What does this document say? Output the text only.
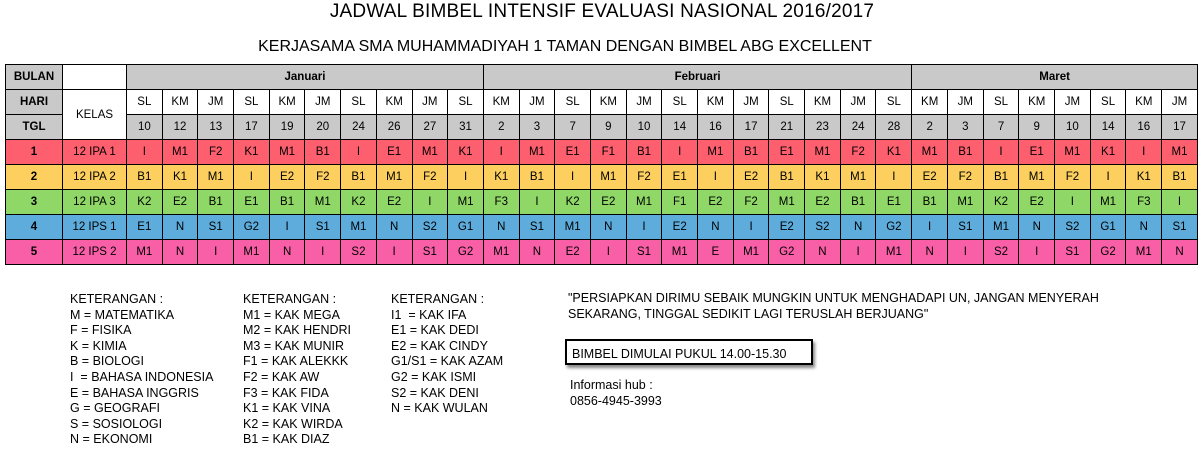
JADWAL BIMBEL INTENSIF EVALUASI NASIONAL 2016/2017
KERJASAMA SMA MUHAMMADIYAH 1 TAMAN DENGAN BIMBEL ABG EXCELLENT
BULAN		Januari										Februari												Maret							
HARI	KELAS	SL	KM	JM	SL	KM	JM	SL	KM	JM	SL	KM	JM	SL	KM	JM	SL	KM	JM	SL	KM	JM	SL	KM	JM	SL	KM	JM	SL	KM	JM
TGL		10	12	13	17	19	20	24	26	27	31	2	3	7	9	10	14	16	17	21	23	24	28	2	3	7	9	10	14	16	17
1	12 IPA 1	I	M1	F2	K1	M1	B1	I	E1	M1	K1	I	M1	E1	F1	B1	I	M1	B1	E1	M1	F2	K1	M1	B1	I	E1	M1	K1	I	M1
2	12 IPA 2	B1	K1	M1	I	E2	F2	B1	M1	F2	I	K1	B1	I	M1	F2	E1	I	E2	B1	K1	M1	I	E2	F2	B1	M1	F2	I	K1	B1
3	12 IPA 3	K2	E2	B1	E1	B1	M1	K2	E2	I	M1	F3	I	K2	E2	M1	F1	E2	F2	M1	E2	B1	E1	B1	M1	K2	E2	I	M1	F3	I
4	12 IPS 1	E1	N	S1	G2	I	S1	M1	N	S2	G1	N	S1	M1	N	I	E2	N	I	E2	S2	N	G2	I	S1	M1	N	S2	G1	N	S1
5	12 IPS 2	M1	N	I	M1	N	I	S2	I	S1	G2	M1	N	E2	I	S1	M1	E	M1	G2	N	I	M1	N	I	S2	I	S1	G2	M1	N
KETERANGAN :
M = MATEMATIKA
F = FISIKA
K = KIMIA
B = BIOLOGI
I  = BAHASA INDONESIA
E = BAHASA INGGRIS
G = GEOGRAFI
S = SOSIOLOGI
N = EKONOMI
KETERANGAN :
M1 = KAK MEGA
M2 = KAK HENDRI
M3 = KAK MUNIR
F1 = KAK ALEKKK
F2 = KAK AW
F3 = KAK FIDA
K1 = KAK VINA
K2 = KAK WIRDA
B1 = KAK DIAZ
KETERANGAN :
I1  = KAK IFA
E1 = KAK DEDI
E2 = KAK CINDY
G1/S1 = KAK AZAM
G2 = KAK ISMI
S2 = KAK DENI
N = KAK WULAN
"PERSIAPKAN DIRIMU SEBAIK MUNGKIN UNTUK MENGHADAPI UN, JANGAN MENYERAH SEKARANG, TINGGAL SEDIKIT LAGI TERUSLAH BERJUANG"
BIMBEL DIMULAI PUKUL 14.00-15.30
Informasi hub :
0856-4945-3993
